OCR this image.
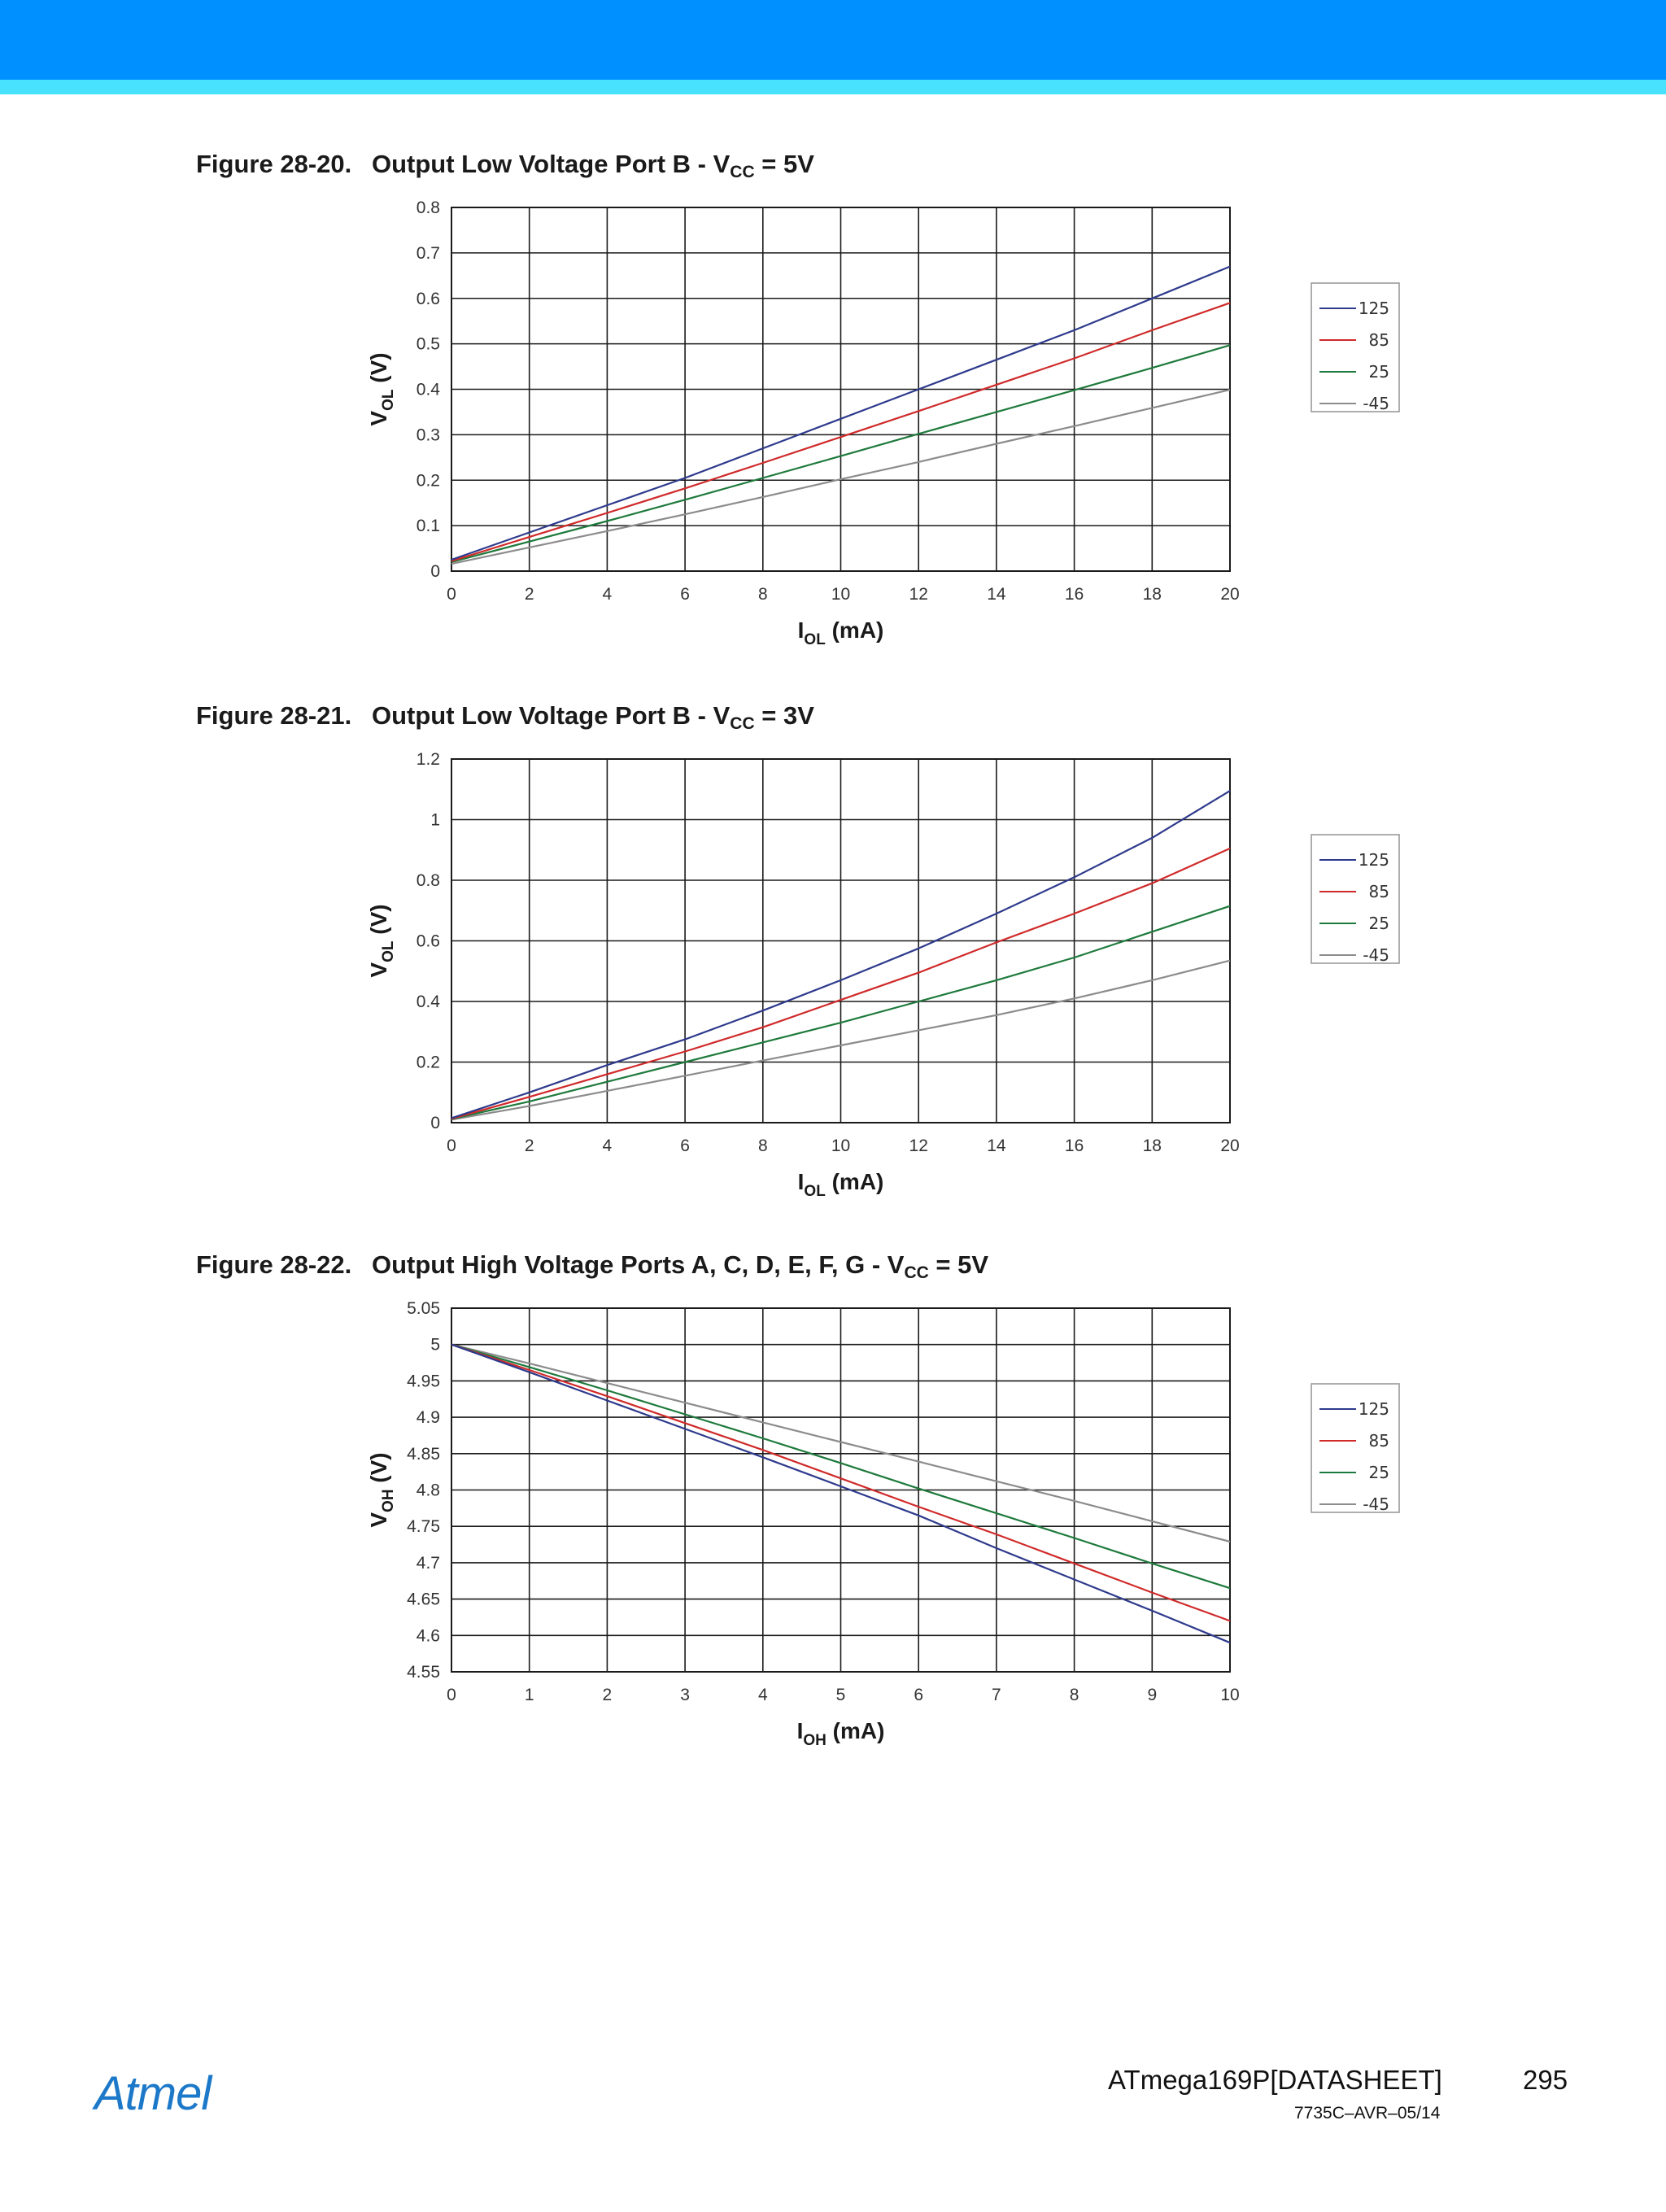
Figure 28-20. Output Low Voltage Port $B - V_{CC} = 5V$
0	2	4	6	8	10	12	14	16	18	20
0
0.1
0.2
0.3
0.4
0.5
0.6
0.7
0.8
$I_{OL}$ (mA)
$V_{OL}$ (V)
125
85
25
-45
Figure 28-21. Output Low Voltage Port $B - V_{CC} = 3V$
0	2	4	6	8	10	12	14	16	18	20
0
0.2
0.4
0.6
0.8
1
1.2
$I_{OL}$ (mA)
$V_{OL}$ (V)
125
85
25
-45
Figure 28-22. Output High Voltage Ports A, C, D, E, F, $G - V_{CC} = 5V$
0	1	2	3	4	5	6	7	8	9	10
4.55
4.6
4.65
4.7
4.75
4.8
4.85
4.9
4.95
5
5.05
$I_{OH}$ (mA)
$V_{OH}$ (V)
125
85
25
-45
Atmel	ATmega169P[DATASHEET]	295
7735C–AVR–05/14
